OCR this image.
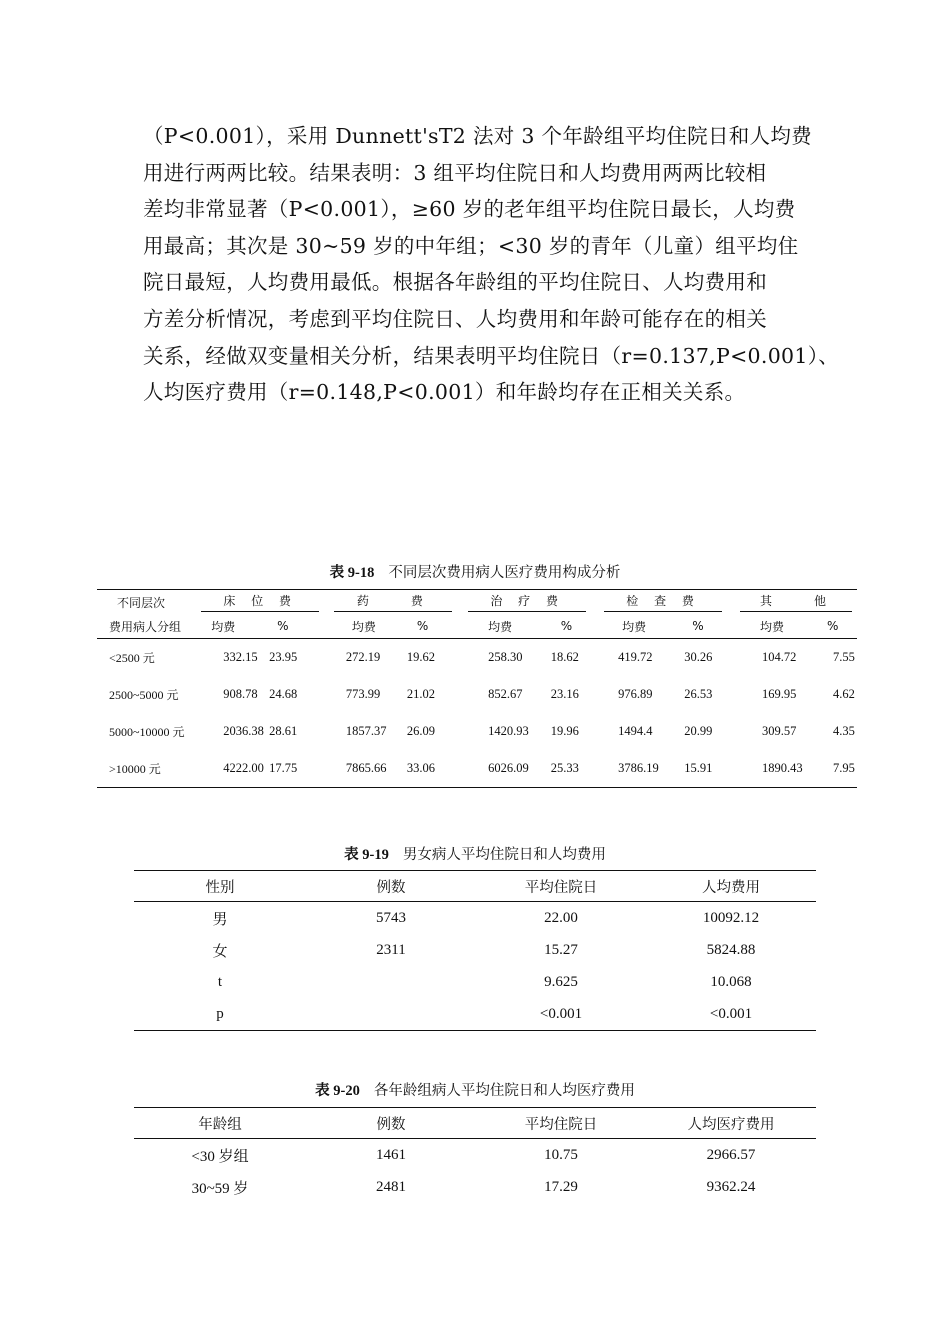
（P<0.001），采用 Dunnett'sT2 法对 3 个年龄组平均住院日和人均费

用进行两两比较。结果表明：3 组平均住院日和人均费用两两比较相

差均非常显著（P<0.001），≥60 岁的老年组平均住院日最长，人均费

用最高；其次是 30~59 岁的中年组；<30 岁的青年（儿童）组平均住

院日最短，人均费用最低。根据各年龄组的平均住院日、人均费用和

方差分析情况，考虑到平均住院日、人均费用和年龄可能存在的相关

关系，经做双变量相关分析，结果表明平均住院日（r=0.137,P<0.001）、

人均医疗费用（r=0.148,P<0.001）和年龄均存在正相关关系。

表 9-18 不同层次费用病人医疗费用构成分析
不同层次	床 位 费		药　　费		治 疗 费		检 查 费		其　　他		
费用病人分组	均费	%	均费	%	均费	%	均费	%	均费	%	
<2500 元	332.15	23.95	272.19	19.62	258.30	18.62	419.72	30.26	104.72	7.55	
2500~5000 元	908.78	24.68	773.99	21.02	852.67	23.16	976.89	26.53	169.95	4.62	
5000~10000 元	2036.38	28.61	1857.37	26.09	1420.93	19.96	1494.4	20.99	309.57	4.35	
>10000 元	4222.00	17.75	7865.66	33.06	6026.09	25.33	3786.19	15.91	1890.43	7.95	
表 9-19 男女病人平均住院日和人均费用
性别	例数	平均住院日	人均费用
男	5743	22.00	10092.12
女	2311	15.27	5824.88
t		9.625	10.068
p		<0.001	<0.001
表 9-20 各年龄组病人平均住院日和人均医疗费用
年龄组	例数	平均住院日	人均医疗费用
<30 岁组	1461	10.75	2966.57
30~59 岁	2481	17.29	9362.24
